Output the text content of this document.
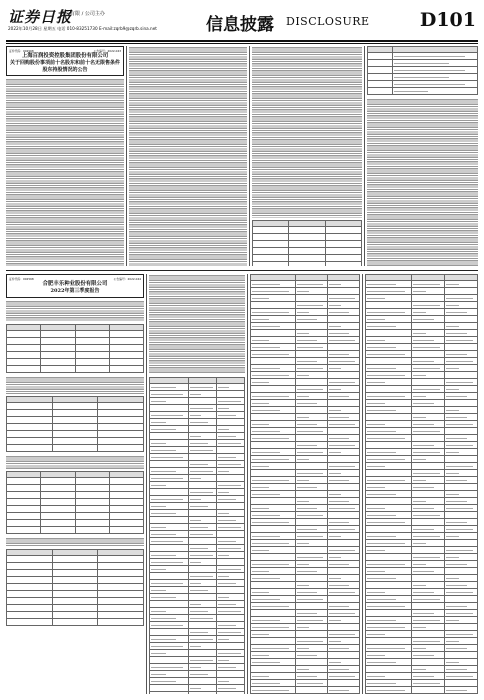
证券日报
股份有限 / 公司主办
2022年10月28日 星期五 电话 010-83251730 E-mail:zqrb9@zqrb.sina.net	信息披露 DISCLOSURE	D101
证券代码：002568	公告编号：2022-043
上海百润投资控股集团股份有限公司
关于回购股份事项前十名股东和前十名无限售条件股东持股情况的公告

证券代码：002568	公告编号：2022-044
合肥丰乐种业股份有限公司
2022年第三季度报告
